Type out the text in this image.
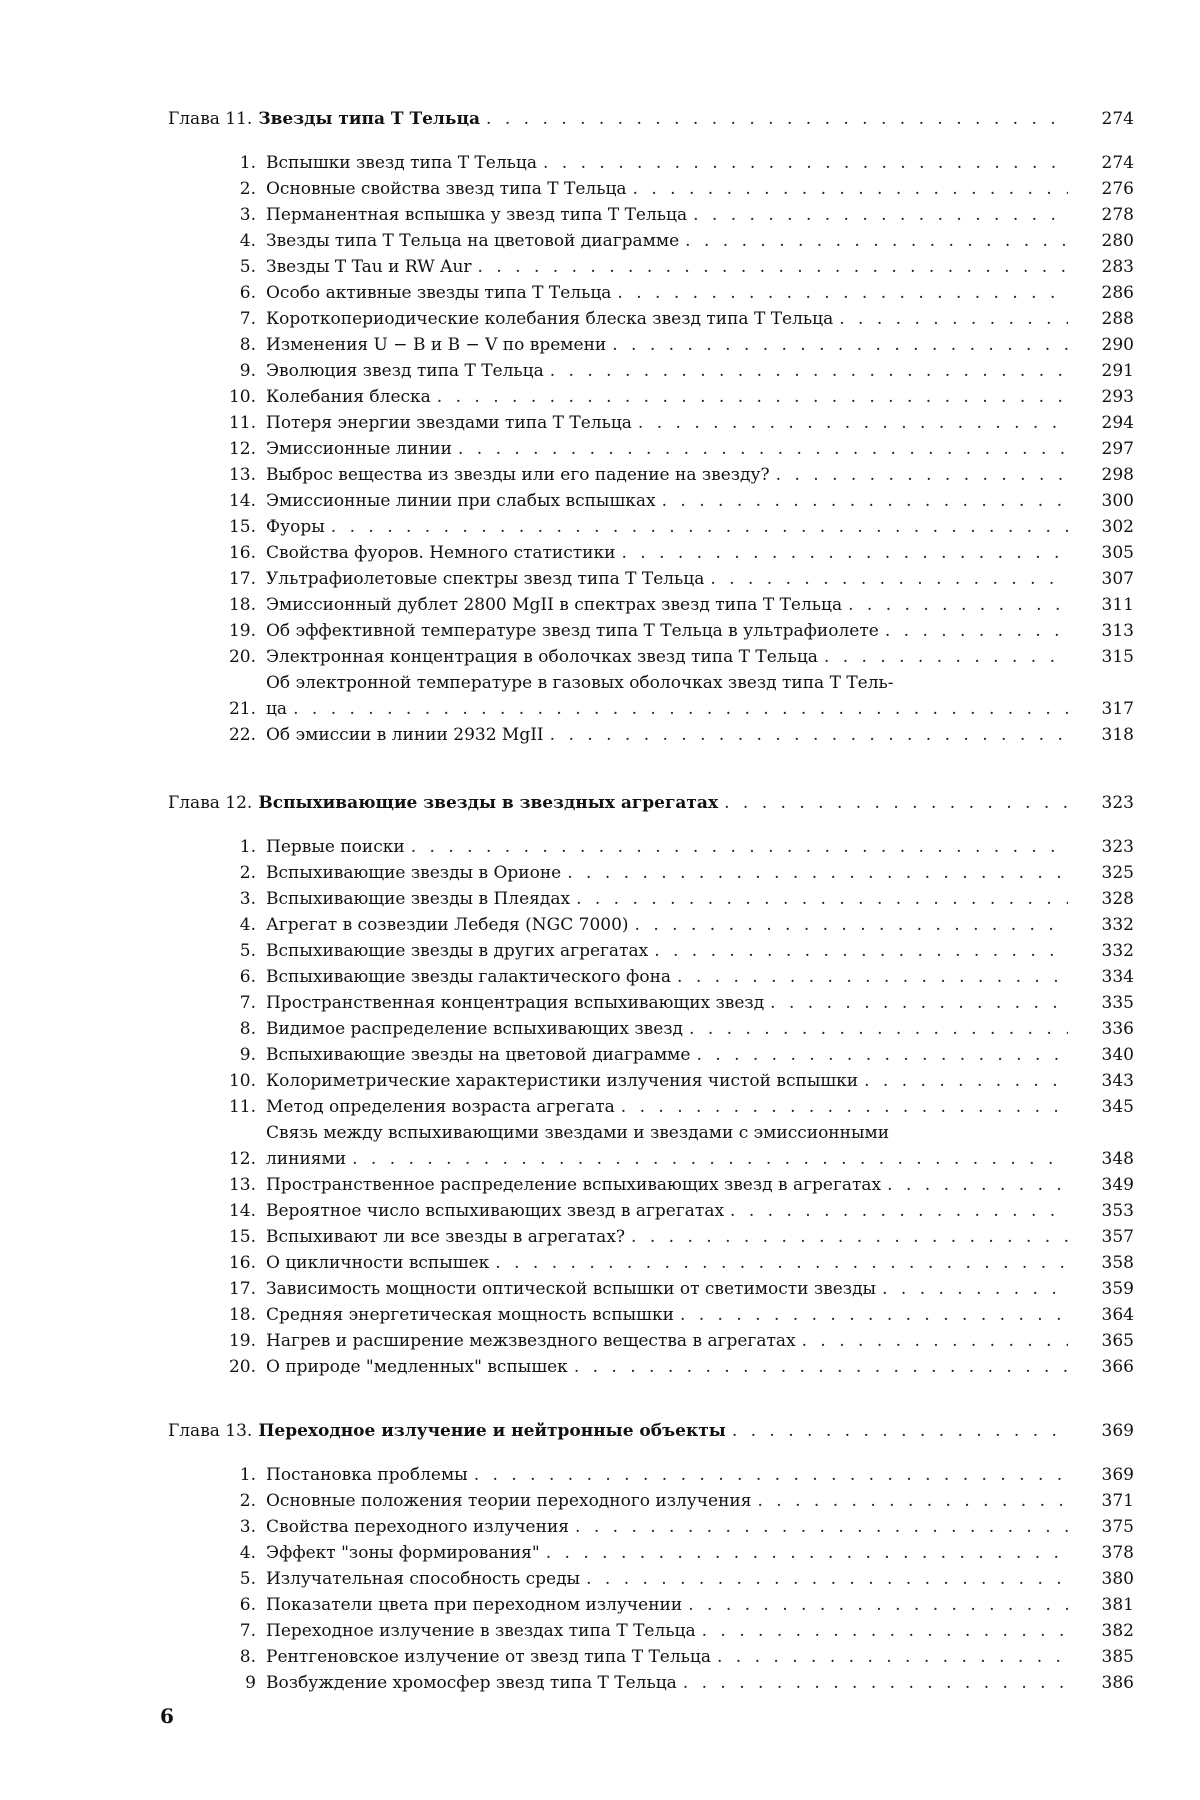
Глава 11. Звезды типа T Тельца . . .	274
1. Вспышки звезд типа T Тельца . . .	274
2. Основные свойства звезд типа T Тельца . . .	276
3. Перманентная вспышка у звезд типа T Тельца . . .	278
4. Звезды типа T Тельца на цветовой диаграмме . . .	280
5. Звезды T Tau и RW Aur . . .	283
6. Особо активные звезды типа T Тельца . . .	286
7. Короткопериодические колебания блеска звезд типа T Тельца . . .	288
8. Изменения U − B и B − V по времени . . .	290
9. Эволюция звезд типа T Тельца . . .	291
10. Колебания блеска . . .	293
11. Потеря энергии звездами типа T Тельца . . .	294
12. Эмиссионные линии . . .	297
13. Выброс вещества из звезды или его падение на звезду? . . .	298
14. Эмиссионные линии при слабых вспышках . . .	300
15. Фуоры . . .	302
16. Свойства фуоров. Немного статистики . . .	305
17. Ультрафиолетовые спектры звезд типа T Тельца . . .	307
18. Эмиссионный дублет 2800 MgII в спектрах звезд типа T Тельца . . .	311
19. Об эффективной температуре звезд типа T Тельца в ультрафиолете . . .	313
20. Электронная концентрация в оболочках звезд типа T Тельца . . .	315
21.
Об электронной температуре в газовых оболочках звезд типа T Тель-
ца . . .	317
22. Об эмиссии в линии 2932 MgII . . .	318
Глава 12. Вспыхивающие звезды в звездных агрегатах . . .	323
1. Первые поиски . . .	323
2. Вспыхивающие звезды в Орионе . . .	325
3. Вспыхивающие звезды в Плеядах . . .	328
4. Агрегат в созвездии Лебедя (NGC 7000) . . .	332
5. Вспыхивающие звезды в других агрегатах . . .	332
6. Вспыхивающие звезды галактического фона . . .	334
7. Пространственная концентрация вспыхивающих звезд . . .	335
8. Видимое распределение вспыхивающих звезд . . .	336
9. Вспыхивающие звезды на цветовой диаграмме . . .	340
10. Колориметрические характеристики излучения чистой вспышки . . .	343
11. Метод определения возраста агрегата . . .	345
12.
Связь между вспыхивающими звездами и звездами с эмиссионными
линиями . . .	348
13. Пространственное распределение вспыхивающих звезд в агрегатах . . .	349
14. Вероятное число вспыхивающих звезд в агрегатах . . .	353
15. Вспыхивают ли все звезды в агрегатах? . . .	357
16. О цикличности вспышек . . .	358
17. Зависимость мощности оптической вспышки от светимости звезды . . .	359
18. Средняя энергетическая мощность вспышки . . .	364
19. Нагрев и расширение межзвездного вещества в агрегатах . . .	365
20. О природе "медленных" вспышек . . .	366
Глава 13. Переходное излучение и нейтронные объекты . . .	369
1. Постановка проблемы . . .	369
2. Основные положения теории переходного излучения . . .	371
3. Свойства переходного излучения . . .	375
4. Эффект "зоны формирования" . . .	378
5. Излучательная способность среды . . .	380
6. Показатели цвета при переходном излучении . . .	381
7. Переходное излучение в звездах типа T Тельца . . .	382
8. Рентгеновское излучение от звезд типа T Тельца . . .	385
9 Возбуждение хромосфер звезд типа T Тельца . . .	386
6
